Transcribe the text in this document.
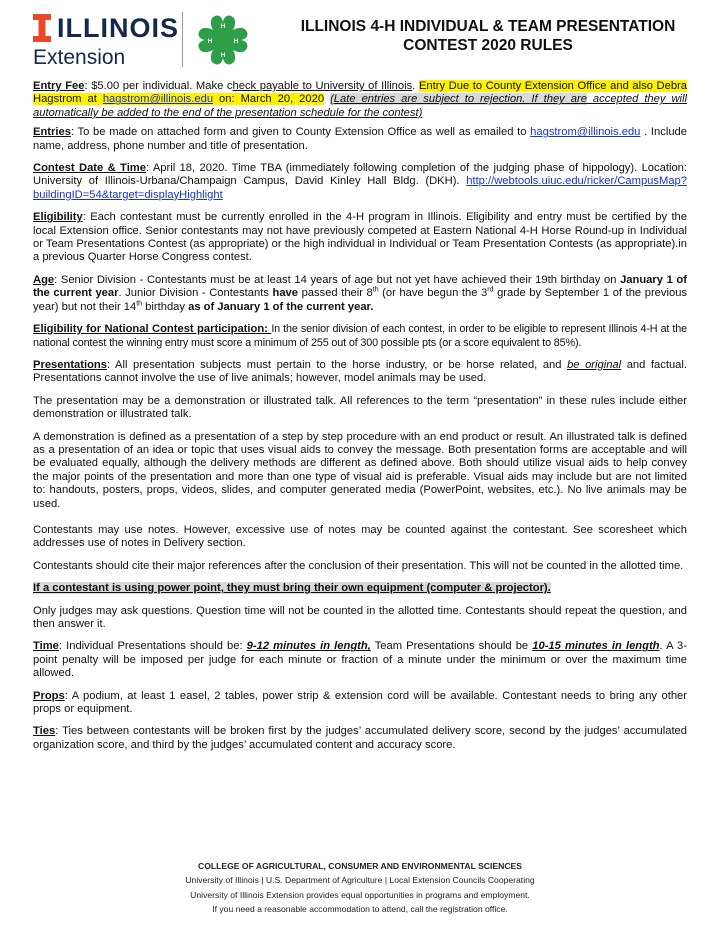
ILLINOIS
Extension
H
H
H	H
ILLINOIS 4-H INDIVIDUAL & TEAM PRESENTATION
CONTEST 2020 RULES

Entry Fee: $5.00 per individual. Make check payable to University of Illinois. Entry Due to County Extension Office and also Debra Hagstrom at hagstrom@illinois.edu on: March 20, 2020 (Late entries are subject to rejection. If they are accepted they will automatically be added to the end of the presentation schedule for the contest)

Entries: To be made on attached form and given to County Extension Office as well as emailed to hagstrom@illinois.edu . Include name, address, phone number and title of presentation.

Contest Date & Time: April 18, 2020. Time TBA (immediately following completion of the judging phase of hippology). Location: University of Illinois-Urbana/Champaign Campus, David Kinley Hall Bldg. (DKH). http://webtools.uiuc.edu/ricker/CampusMap?buildingID=54&target=displayHighlight

Eligibility: Each contestant must be currently enrolled in the 4-H program in Illinois. Eligibility and entry must be certified by the local Extension office. Senior contestants may not have previously competed at Eastern National 4-H Horse Round-up in Individual or Team Presentations Contest (as appropriate) or the high individual in Individual or Team Presentation Contests (as appropriate).in a previous Quarter Horse Congress contest.

Age: Senior Division - Contestants must be at least 14 years of age but not yet have achieved their 19th birthday on January 1 of the current year. Junior Division - Contestants have passed their 8th (or have begun the 3rd grade by September 1 of the previous year) but not their 14th birthday as of January 1 of the current year.

Eligibility for National Contest participation: In the senior division of each contest, in order to be eligible to represent Illinois 4-H at the national contest the winning entry must score a minimum of 255 out of 300 possible pts (or a score equivalent to 85%).

Presentations: All presentation subjects must pertain to the horse industry, or be horse related, and be original and factual. Presentations cannot involve the use of live animals; however, model animals may be used.

The presentation may be a demonstration or illustrated talk. All references to the term “presentation” in these rules include either demonstration or illustrated talk.

A demonstration is defined as a presentation of a step by step procedure with an end product or result. An illustrated talk is defined as a presentation of an idea or topic that uses visual aids to convey the message. Both presentation forms are acceptable and will be evaluated equally, although the delivery methods are different as defined above. Both should utilize visual aids to help convey the major points of the presentation and more than one type of visual aid is preferable. Visual aids may include but are not limited to: handouts, posters, props, videos, slides, and computer generated media (PowerPoint, websites, etc.). No live animals may be used.

Contestants may use notes. However, excessive use of notes may be counted against the contestant. See scoresheet which addresses use of notes in Delivery section.

Contestants should cite their major references after the conclusion of their presentation. This will not be counted in the allotted time.

If a contestant is using power point, they must bring their own equipment (computer & projector).

Only judges may ask questions. Question time will not be counted in the allotted time. Contestants should repeat the question, and then answer it.

Time: Individual Presentations should be: 9-12 minutes in length, Team Presentations should be 10-15 minutes in length. A 3-point penalty will be imposed per judge for each minute or fraction of a minute under the minimum or over the maximum time allowed.

Props: A podium, at least 1 easel, 2 tables, power strip & extension cord will be available. Contestant needs to bring any other props or equipment.

Ties: Ties between contestants will be broken first by the judges’ accumulated delivery score, second by the judges’ accumulated organization score, and third by the judges’ accumulated content and accuracy score.

COLLEGE OF AGRICULTURAL, CONSUMER AND ENVIRONMENTAL SCIENCES
University of Illinois | U.S. Department of Agriculture | Local Extension Councils Cooperating
University of Illinois Extension provides equal opportunities in programs and employment.
If you need a reasonable accommodation to attend, call the registration office.
